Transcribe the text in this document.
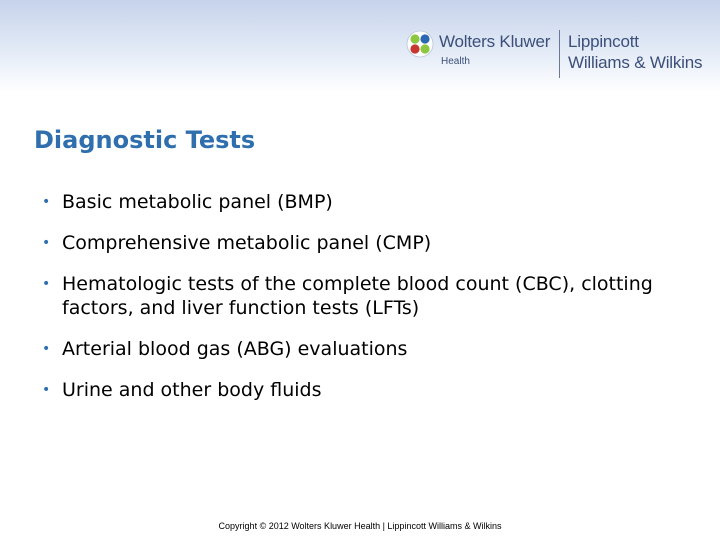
Wolters Kluwer
Health
Lippincott
Williams & Wilkins
Diagnostic Tests
• Basic metabolic panel (BMP)
• Comprehensive metabolic panel (CMP)
• Hematologic tests of the complete blood count (CBC), clotting factors, and liver function tests (LFTs)
• Arterial blood gas (ABG) evaluations
• Urine and other body fluids
Copyright © 2012 Wolters Kluwer Health | Lippincott Williams & Wilkins
